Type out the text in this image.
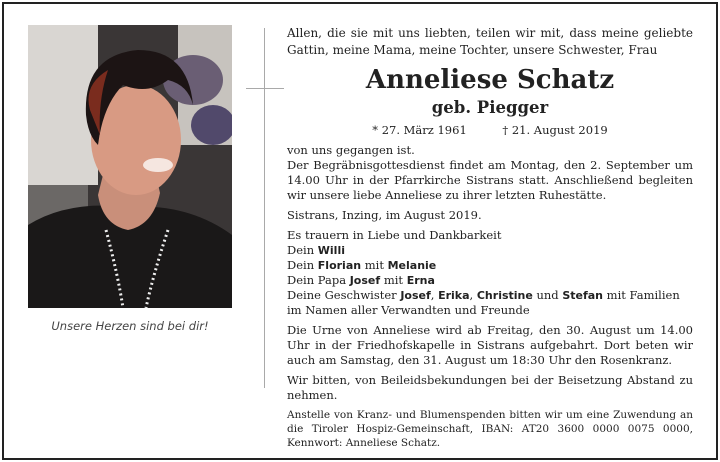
Unsere Herzen sind bei dir!

Allen, die sie mit uns liebten, teilen wir mit, dass meine geliebte Gattin, meine Mama, meine Tochter, unsere Schwester, Frau

Anneliese Schatz
geb. Piegger
* 27. März 1961	† 21. August 2019

von uns gegangen ist.

Der Begräbnisgottesdienst findet am Montag, den 2. September um 14.00 Uhr in der Pfarrkirche Sistrans statt. Anschließend begleiten wir unsere liebe Anneliese zu ihrer letzten Ruhestätte.

Sistrans, Inzing, im August 2019.

Es trauern in Liebe und Dankbarkeit

Dein Willi

Dein Florian mit Melanie

Dein Papa Josef mit Erna

Deine Geschwister Josef, Erika, Christine und Stefan mit Familien

im Namen aller Verwandten und Freunde

Die Urne von Anneliese wird ab Freitag, den 30. August um 14.00 Uhr in der Friedhofskapelle in Sistrans aufgebahrt. Dort beten wir auch am Samstag, den 31. August um 18:30 Uhr den Rosenkranz.

Wir bitten, von Beileidsbekundungen bei der Beisetzung Abstand zu nehmen.

Anstelle von Kranz- und Blumenspenden bitten wir um eine Zuwendung an die Tiroler Hospiz-Gemeinschaft, IBAN: AT20 3600 0000 0075 0000, Kennwort: Anneliese Schatz.
